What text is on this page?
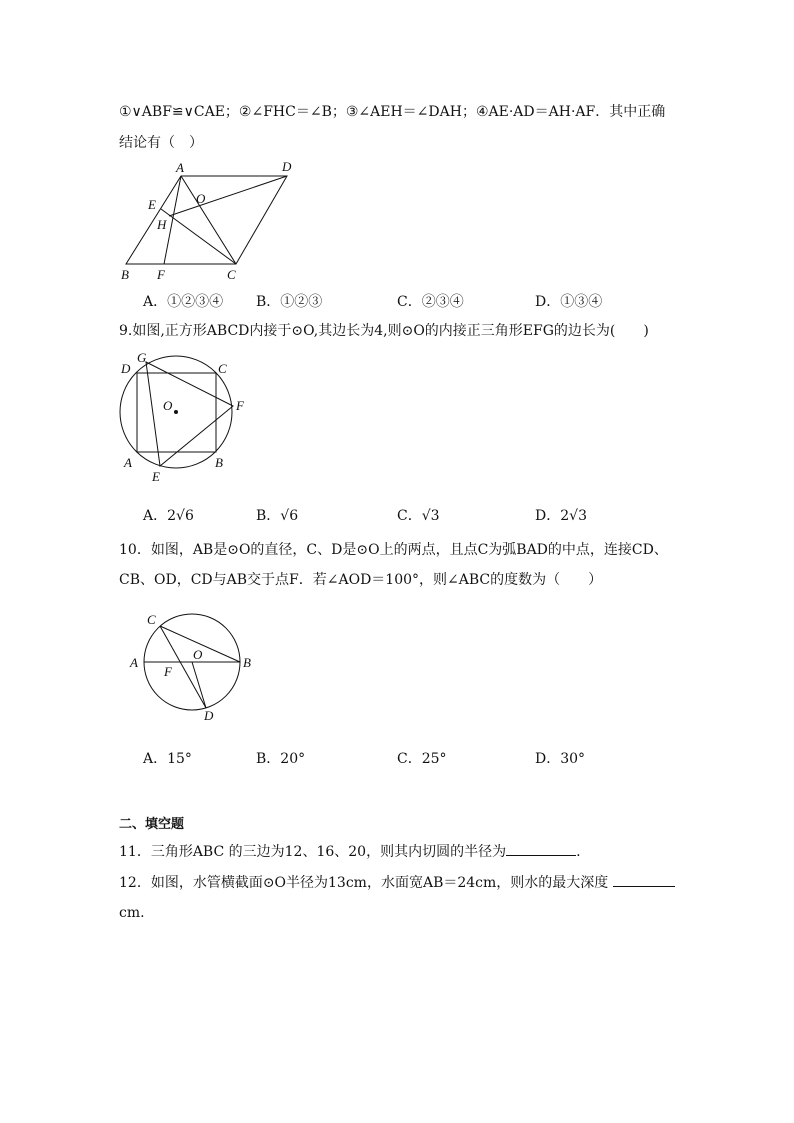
①∨ABF≌∨CAE；②∠FHC＝∠B；③∠AEH＝∠DAH；④AE·AD＝AH·AF．其中正确
结论有（　）
A	D
E	O
H
B F	C
A．①②③④ B．①②③	C．②③④	D．①③④
9.如图,正方形ABCD内接于⊙O,其边长为4,则⊙O的内接正三角形EFG的边长为(　　)
G
D	C
O	F
A
E
B
A．2√6	B．√6	C．√3	D．2√3
10．如图，AB是⊙O的直径，C、D是⊙O上的两点，且点C为弧BAD的中点，连接CD、
CB、OD，CD与AB交于点F．若∠AOD＝100°，则∠ABC的度数为（　　）
C
A
O
B
F
D
A．15°	B．20°	C．25°	D．30°
二、填空题
11．三角形ABC 的三边为12、16、20，则其内切圆的半径为	.
12．如图，水管横截面⊙O半径为13cm，水面宽AB＝24cm，则水的最大深度
cm.
